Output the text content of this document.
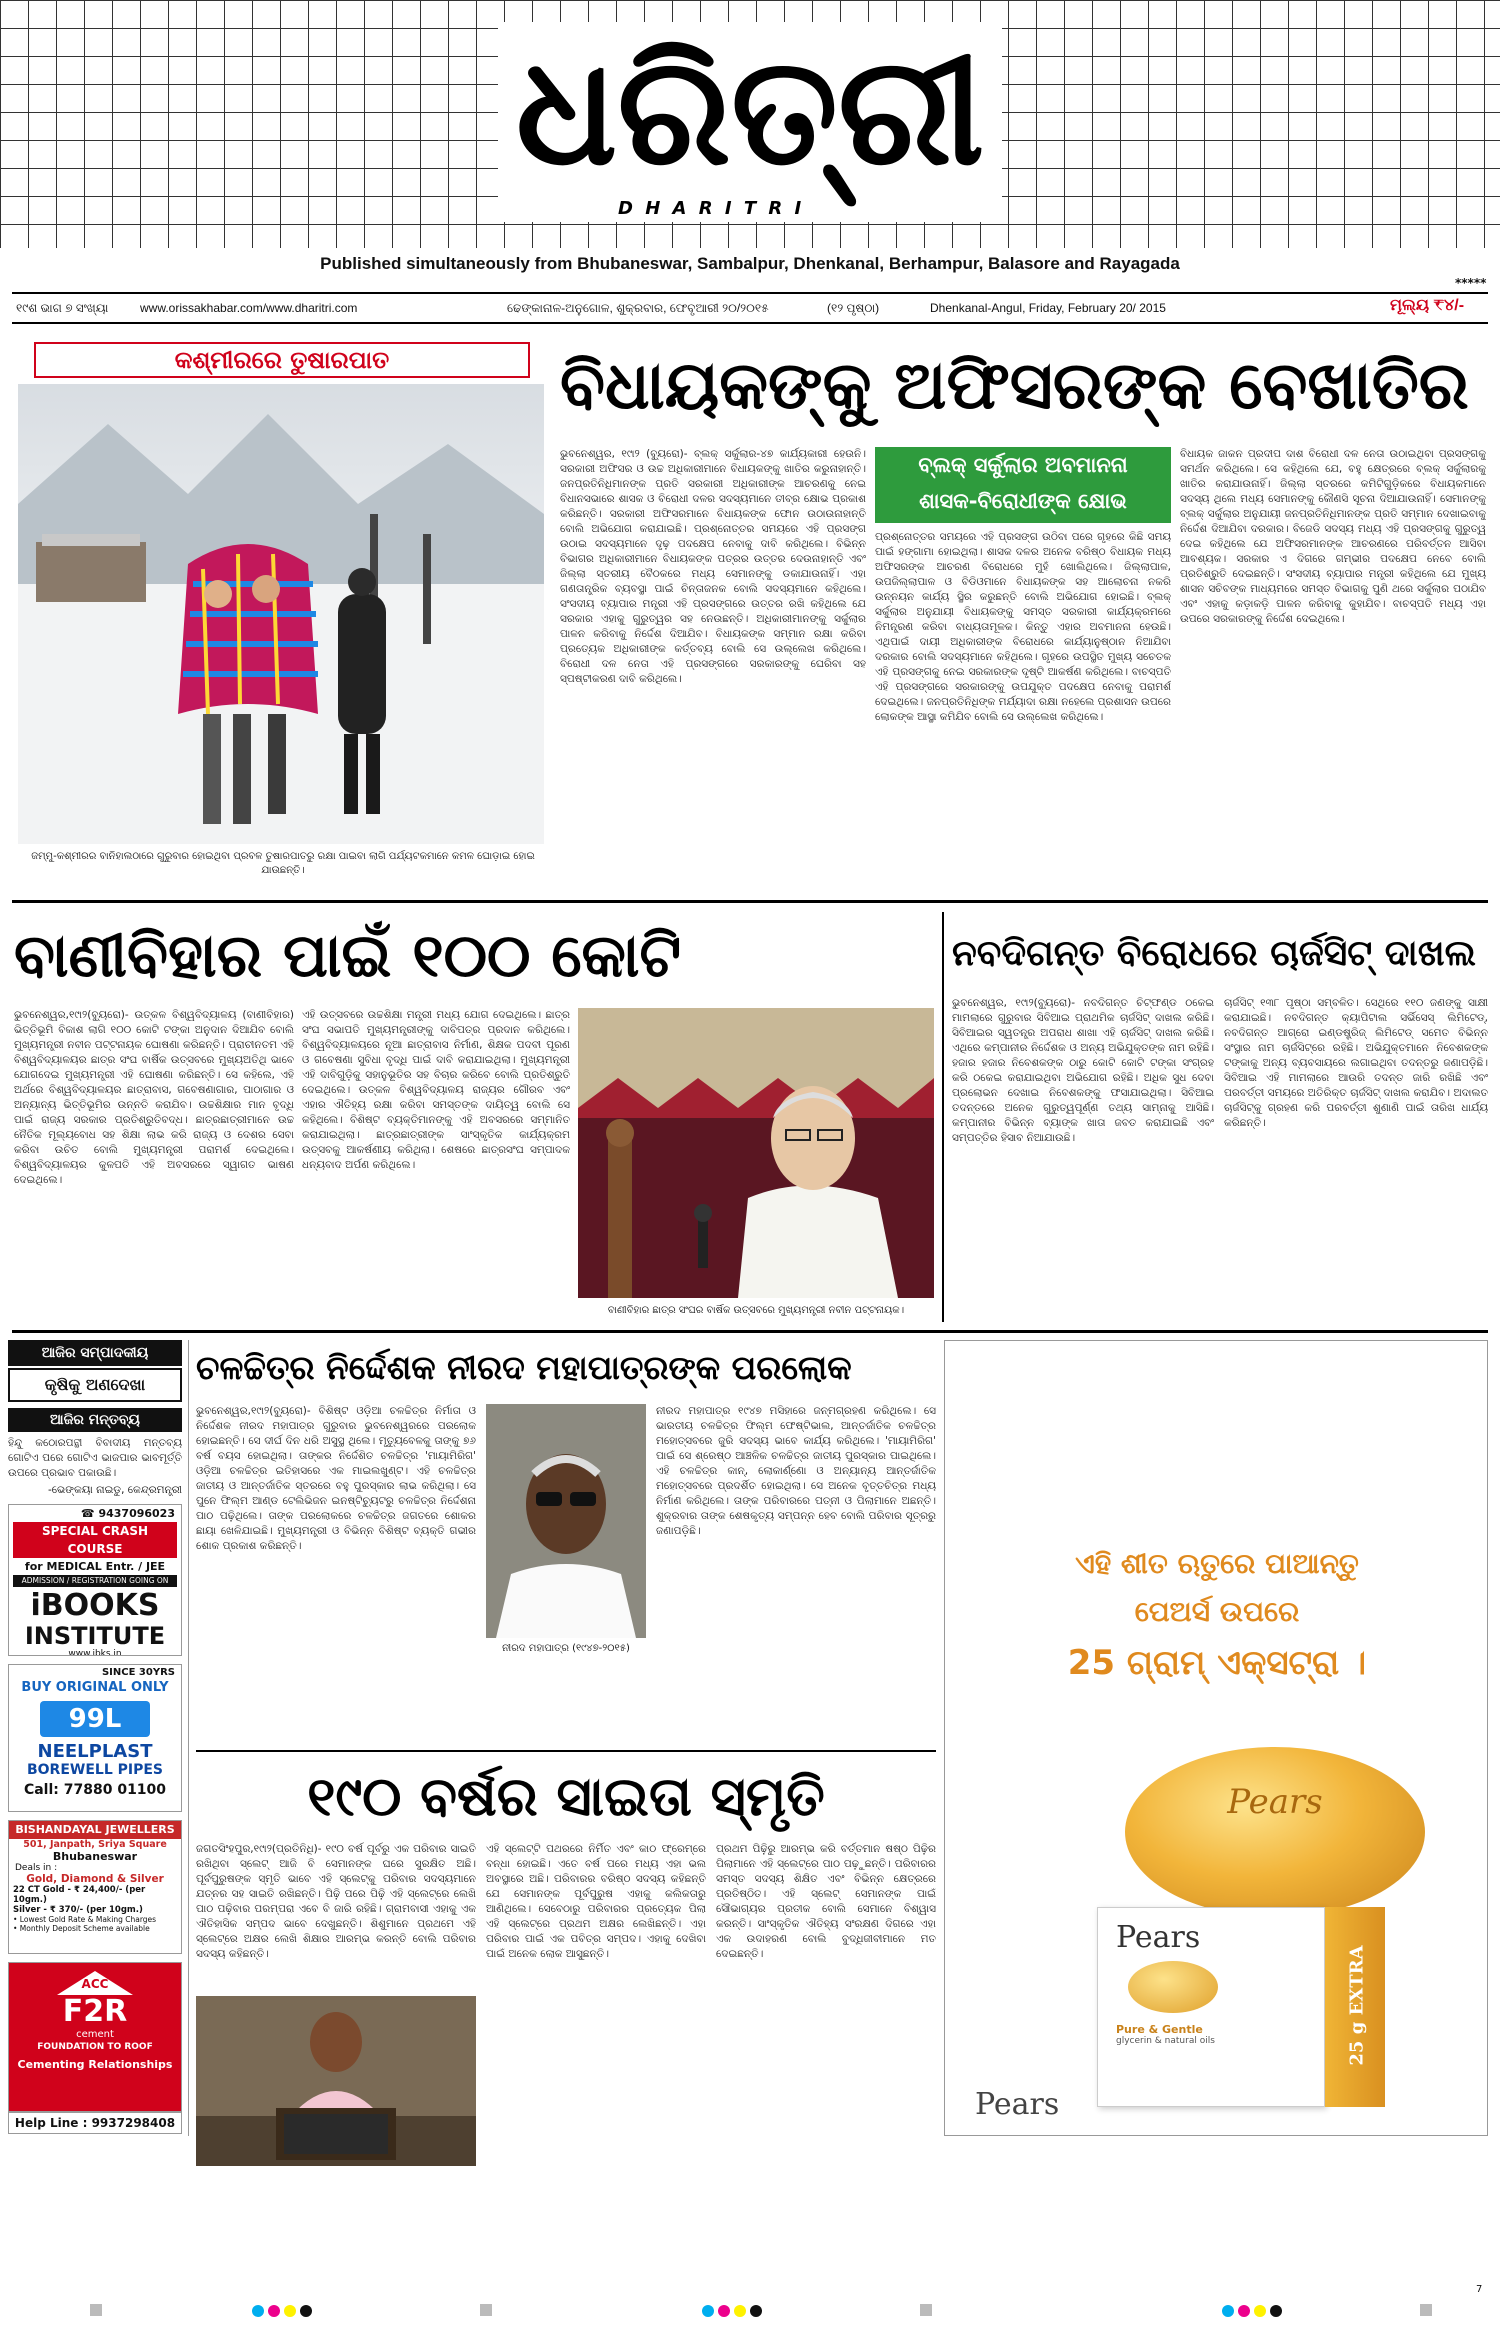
ଧରିତ୍ରୀ
D H A R I T R I
Published simultaneously from Bhubaneswar, Sambalpur, Dhenkanal, Berhampur, Balasore and Rayagada
*****
୧୯ଶ ଭାଗ ୭ ସଂଖ୍ୟା	www.orissakhabar.com/www.dharitri.com	ଢେଙ୍କାନାଳ-ଅନୁଗୋଳ, ଶୁକ୍ରବାର, ଫେବୃଆରୀ ୨୦/୨୦୧୫	(୧୨ ପୃଷ୍ଠା)	Dhenkanal-Angul, Friday, February 20/ 2015	ମୂଲ୍ୟ ₹୪/-
କଶ୍ମୀରରେ ତୁଷାରପାତ
ଜମ୍ମୁ-କଶ୍ମୀରର ବାନିହାଲଠାରେ ଗୁରୁବାର ହୋଇଥିବା ପ୍ରବଳ ତୁଷାରପାତରୁ ରକ୍ଷା ପାଇବା ଲାଗି ପର୍ଯ୍ୟଟକମାନେ କମଳ ଘୋଡ଼ାଇ ହୋଇ ଯାଉଛନ୍ତି।
ବିଧାୟକଙ୍କୁ ଅଫିସରଙ୍କ ବେଖାତିର
ଭୁବନେଶ୍ୱର, ୧୯ା୨ (ବ୍ୟୁରୋ)- ବ୍ଲକ୍ ସର୍କୁଲାର-୪୭ କାର୍ଯ୍ୟକାରୀ ହେଉନି। ସରକାରୀ ଅଫିସର ଓ ଉଚ୍ଚ ଅଧିକାରୀମାନେ ବିଧାୟକଙ୍କୁ ଖାତିର କରୁନାହାନ୍ତି। ଜନପ୍ରତିନିଧିମାନଙ୍କ ପ୍ରତି ସରକାରୀ ଅଧିକାରୀଙ୍କ ଆଚରଣକୁ ନେଇ ବିଧାନସଭାରେ ଶାସକ ଓ ବିରୋଧୀ ଦଳର ସଦସ୍ୟମାନେ ତୀବ୍ର କ୍ଷୋଭ ପ୍ରକାଶ କରିଛନ୍ତି। ସରକାରୀ ଅଫିସରମାନେ ବିଧାୟକଙ୍କ ଫୋନ ଉଠାଉନାହାନ୍ତି ବୋଲି ଅଭିଯୋଗ କରାଯାଇଛି। ପ୍ରଶ୍ନୋତ୍ତର ସମୟରେ ଏହି ପ୍ରସଙ୍ଗ ଉଠାଇ ସଦସ୍ୟମାନେ ଦୃଢ଼ ପଦକ୍ଷେପ ନେବାକୁ ଦାବି କରିଥିଲେ। ବିଭିନ୍ନ ବିଭାଗର ଅଧିକାରୀମାନେ ବିଧାୟକଙ୍କ ପତ୍ରର ଉତ୍ତର ଦେଉନାହାନ୍ତି ଏବଂ ଜିଲ୍ଲା ସ୍ତରୀୟ ବୈଠକରେ ମଧ୍ୟ ସେମାନଙ୍କୁ ଡକାଯାଉନାହିଁ। ଏହା ଗଣତାନ୍ତ୍ରିକ ବ୍ୟବସ୍ଥା ପାଇଁ ଚିନ୍ତାଜନକ ବୋଲି ସଦସ୍ୟମାନେ କହିଥିଲେ। ସଂସଦୀୟ ବ୍ୟାପାର ମନ୍ତ୍ରୀ ଏହି ପ୍ରସଙ୍ଗରେ ଉତ୍ତର ରଖି କହିଥିଲେ ଯେ ସରକାର ଏହାକୁ ଗୁରୁତ୍ୱର ସହ ନେଉଛନ୍ତି। ଅଧିକାରୀମାନଙ୍କୁ ସର୍କୁଲାର ପାଳନ କରିବାକୁ ନିର୍ଦ୍ଦେଶ ଦିଆଯିବ। ବିଧାୟକଙ୍କ ସମ୍ମାନ ରକ୍ଷା କରିବା ପ୍ରତ୍ୟେକ ଅଧିକାରୀଙ୍କ କର୍ତ୍ତବ୍ୟ ବୋଲି ସେ ଉଲ୍ଲେଖ କରିଥିଲେ। ବିରୋଧୀ ଦଳ ନେତା ଏହି ପ୍ରସଙ୍ଗରେ ସରକାରଙ୍କୁ ଘେରିବା ସହ ସ୍ପଷ୍ଟୀକରଣ ଦାବି କରିଥିଲେ।
ବ୍ଲକ୍ ସର୍କୁଲାର ଅବମାନନା
ଶାସକ-ବିରୋଧୀଙ୍କ କ୍ଷୋଭ
ପ୍ରଶ୍ନୋତ୍ତର ସମୟରେ ଏହି ପ୍ରସଙ୍ଗ ଉଠିବା ପରେ ଗୃହରେ କିଛି ସମୟ ପାଇଁ ହଙ୍ଗାମା ହୋଇଥିଲା। ଶାସକ ଦଳର ଅନେକ ବରିଷ୍ଠ ବିଧାୟକ ମଧ୍ୟ ଅଫିସରଙ୍କ ଆଚରଣ ବିରୋଧରେ ମୁହଁ ଖୋଲିଥିଲେ। ଜିଲ୍ଲାପାଳ, ଉପଜିଲ୍ଲାପାଳ ଓ ବିଡିଓମାନେ ବିଧାୟକଙ୍କ ସହ ଆଲୋଚନା ନକରି ଉନ୍ନୟନ କାର୍ଯ୍ୟ ସ୍ଥିର କରୁଛନ୍ତି ବୋଲି ଅଭିଯୋଗ ହୋଇଛି। ବ୍ଲକ୍ ସର୍କୁଲାର ଅନୁଯାୟୀ ବିଧାୟକଙ୍କୁ ସମସ୍ତ ସରକାରୀ କାର୍ଯ୍ୟକ୍ରମରେ ନିମନ୍ତ୍ରଣ କରିବା ବାଧ୍ୟତାମୂଳକ। କିନ୍ତୁ ଏହାର ଅବମାନନା ହେଉଛି। ଏଥିପାଇଁ ଦାୟୀ ଅଧିକାରୀଙ୍କ ବିରୋଧରେ କାର୍ଯ୍ୟାନୁଷ୍ଠାନ ନିଆଯିବା ଦରକାର ବୋଲି ସଦସ୍ୟମାନେ କହିଥିଲେ। ଗୃହରେ ଉପସ୍ଥିତ ମୁଖ୍ୟ ସଚେତକ ଏହି ପ୍ରସଙ୍ଗକୁ ନେଇ ସରକାରଙ୍କ ଦୃଷ୍ଟି ଆକର୍ଷଣ କରିଥିଲେ। ବାଚସ୍ପତି ଏହି ପ୍ରସଙ୍ଗରେ ସରକାରଙ୍କୁ ଉପଯୁକ୍ତ ପଦକ୍ଷେପ ନେବାକୁ ପରାମର୍ଶ ଦେଇଥିଲେ। ଜନପ୍ରତିନିଧିଙ୍କ ମର୍ଯ୍ୟାଦା ରକ୍ଷା ନହେଲେ ପ୍ରଶାସନ ଉପରେ ଲୋକଙ୍କ ଆସ୍ଥା କମିଯିବ ବୋଲି ସେ ଉଲ୍ଲେଖ କରିଥିଲେ।
ବିଧାୟକ ଜାକନ ପ୍ରଦୀପ ଦାଶ ବିରୋଧୀ ଦଳ ନେତା ଉଠାଇଥିବା ପ୍ରସଙ୍ଗକୁ ସମର୍ଥନ କରିଥିଲେ। ସେ କହିଥିଲେ ଯେ, ବହୁ କ୍ଷେତ୍ରରେ ବ୍ଲକ୍ ସର୍କୁଲାରକୁ ଖାତିର କରାଯାଉନାହିଁ। ଜିଲ୍ଲା ସ୍ତରରେ କମିଟିଗୁଡ଼ିକରେ ବିଧାୟକମାନେ ସଦସ୍ୟ ଥିଲେ ମଧ୍ୟ ସେମାନଙ୍କୁ କୌଣସି ସୂଚନା ଦିଆଯାଉନାହିଁ। ସେମାନଙ୍କୁ ବ୍ଲକ୍ ସର୍କୁଲାର ଅନୁଯାୟୀ ଜନପ୍ରତିନିଧିମାନଙ୍କ ପ୍ରତି ସମ୍ମାନ ଦେଖାଇବାକୁ ନିର୍ଦ୍ଦେଶ ଦିଆଯିବା ଦରକାର। ବିଜେଡି ସଦସ୍ୟ ମଧ୍ୟ ଏହି ପ୍ରସଙ୍ଗକୁ ଗୁରୁତ୍ୱ ଦେଇ କହିଥିଲେ ଯେ ଅଫିସରମାନଙ୍କ ଆଚରଣରେ ପରିବର୍ତ୍ତନ ଆସିବା ଆବଶ୍ୟକ। ସରକାର ଏ ଦିଗରେ ଗମ୍ଭୀର ପଦକ୍ଷେପ ନେବେ ବୋଲି ପ୍ରତିଶ୍ରୁତି ଦେଇଛନ୍ତି। ସଂସଦୀୟ ବ୍ୟାପାର ମନ୍ତ୍ରୀ କହିଥିଲେ ଯେ ମୁଖ୍ୟ ଶାସନ ସଚିବଙ୍କ ମାଧ୍ୟମରେ ସମସ୍ତ ବିଭାଗକୁ ପୁଣି ଥରେ ସର୍କୁଲାର ପଠାଯିବ ଏବଂ ଏହାକୁ କଡ଼ାକଡ଼ି ପାଳନ କରିବାକୁ କୁହାଯିବ। ବାଚସ୍ପତି ମଧ୍ୟ ଏହା ଉପରେ ସରକାରଙ୍କୁ ନିର୍ଦ୍ଦେଶ ଦେଇଥିଲେ।
ବାଣୀବିହାର ପାଇଁ ୧୦୦ କୋଟି
ଭୁବନେଶ୍ୱର,୧୯ା୨(ବ୍ୟୁରୋ)- ଉତ୍କଳ ବିଶ୍ୱବିଦ୍ୟାଳୟ (ବାଣୀବିହାର) ଭିତ୍ତିଭୂମି ବିକାଶ ଲାଗି ୧୦୦ କୋଟି ଟଙ୍କା ଅନୁଦାନ ଦିଆଯିବ ବୋଲି ମୁଖ୍ୟମନ୍ତ୍ରୀ ନବୀନ ପଟ୍ଟନାୟକ ଘୋଷଣା କରିଛନ୍ତି। ପ୍ରାଚୀନତମ ଏହି ବିଶ୍ୱବିଦ୍ୟାଳୟର ଛାତ୍ର ସଂଘ ବାର୍ଷିକ ଉତ୍ସବରେ ମୁଖ୍ୟଅତିଥି ଭାବେ ଯୋଗଦେଇ ମୁଖ୍ୟମନ୍ତ୍ରୀ ଏହି ଘୋଷଣା କରିଛନ୍ତି। ସେ କହିଲେ, ଏହି ଅର୍ଥରେ ବିଶ୍ୱବିଦ୍ୟାଳୟର ଛାତ୍ରାବାସ, ଗବେଷଣାଗାର, ପାଠାଗାର ଓ ଅନ୍ୟାନ୍ୟ ଭିତ୍ତିଭୂମିର ଉନ୍ନତି କରାଯିବ। ଉଚ୍ଚଶିକ୍ଷାର ମାନ ବୃଦ୍ଧି ପାଇଁ ରାଜ୍ୟ ସରକାର ପ୍ରତିଶ୍ରୁତିବଦ୍ଧ। ଛାତ୍ରଛାତ୍ରୀମାନେ ଉଚ୍ଚ ନୈତିକ ମୂଲ୍ୟବୋଧ ସହ ଶିକ୍ଷା ଲାଭ କରି ରାଜ୍ୟ ଓ ଦେଶର ସେବା କରିବା ଉଚିତ ବୋଲି ମୁଖ୍ୟମନ୍ତ୍ରୀ ପରାମର୍ଶ ଦେଇଥିଲେ। ବିଶ୍ୱବିଦ୍ୟାଳୟର କୁଳପତି ଏହି ଅବସରରେ ସ୍ୱାଗତ ଭାଷଣ ଦେଇଥିଲେ।
ଏହି ଉତ୍ସବରେ ଉଚ୍ଚଶିକ୍ଷା ମନ୍ତ୍ରୀ ମଧ୍ୟ ଯୋଗ ଦେଇଥିଲେ। ଛାତ୍ର ସଂଘ ସଭାପତି ମୁଖ୍ୟମନ୍ତ୍ରୀଙ୍କୁ ଦାବିପତ୍ର ପ୍ରଦାନ କରିଥିଲେ। ବିଶ୍ୱବିଦ୍ୟାଳୟରେ ନୂଆ ଛାତ୍ରାବାସ ନିର୍ମାଣ, ଶିକ୍ଷକ ପଦବୀ ପୂରଣ ଓ ଗବେଷଣା ସୁବିଧା ବୃଦ୍ଧି ପାଇଁ ଦାବି କରାଯାଇଥିଲା। ମୁଖ୍ୟମନ୍ତ୍ରୀ ଏହି ଦାବିଗୁଡ଼ିକୁ ସହାନୁଭୂତିର ସହ ବିଚାର କରିବେ ବୋଲି ପ୍ରତିଶ୍ରୁତି ଦେଇଥିଲେ। ଉତ୍କଳ ବିଶ୍ୱବିଦ୍ୟାଳୟ ରାଜ୍ୟର ଗୌରବ ଏବଂ ଏହାର ଐତିହ୍ୟ ରକ୍ଷା କରିବା ସମସ୍ତଙ୍କ ଦାୟିତ୍ୱ ବୋଲି ସେ କହିଥିଲେ। ବିଶିଷ୍ଟ ବ୍ୟକ୍ତିମାନଙ୍କୁ ଏହି ଅବସରରେ ସମ୍ମାନିତ କରାଯାଇଥିଲା। ଛାତ୍ରଛାତ୍ରୀଙ୍କ ସାଂସ୍କୃତିକ କାର୍ଯ୍ୟକ୍ରମ ଉତ୍ସବକୁ ଆକର୍ଷଣୀୟ କରିଥିଲା। ଶେଷରେ ଛାତ୍ରସଂଘ ସମ୍ପାଦକ ଧନ୍ୟବାଦ ଅର୍ପଣ କରିଥିଲେ।
ବାଣୀବିହାର ଛାତ୍ର ସଂଘର ବାର୍ଷିକ ଉତ୍ସବରେ ମୁଖ୍ୟମନ୍ତ୍ରୀ ନବୀନ ପଟ୍ଟନାୟକ।
ନବଦିଗନ୍ତ ବିରୋଧରେ ଚାର୍ଜସିଟ୍ ଦାଖଲ
ଭୁବନେଶ୍ୱର, ୧୯ା୨(ବ୍ୟୁରୋ)- ନବଦିଗନ୍ତ ଚିଟ୍‌ଫଣ୍ଡ ଠକେଇ ମାମଲାରେ ଗୁରୁବାର ସିବିଆଇ ପ୍ରାଥମିକ ଚାର୍ଜସିଟ୍ ଦାଖଲ କରିଛି। ସିବିଆଇର ସ୍ୱତନ୍ତ୍ର ଅପରାଧ ଶାଖା ଏହି ଚାର୍ଜସିଟ୍ ଦାଖଲ କରିଛି। ଏଥିରେ କମ୍ପାନୀର ନିର୍ଦ୍ଦେଶକ ଓ ଅନ୍ୟ ଅଭିଯୁକ୍ତଙ୍କ ନାମ ରହିଛି। ହଜାର ହଜାର ନିବେଶକଙ୍କ ଠାରୁ କୋଟି କୋଟି ଟଙ୍କା ସଂଗ୍ରହ କରି ଠକେଇ କରାଯାଇଥିବା ଅଭିଯୋଗ ରହିଛି। ଅଧିକ ସୁଧ ଦେବା ପ୍ରଲୋଭନ ଦେଖାଇ ନିବେଶକଙ୍କୁ ଫସାଯାଇଥିଲା। ସିବିଆଇ ତଦନ୍ତରେ ଅନେକ ଗୁରୁତ୍ୱପୂର୍ଣ୍ଣ ତଥ୍ୟ ସାମ୍ନାକୁ ଆସିଛି। କମ୍ପାନୀର ବିଭିନ୍ନ ବ୍ୟାଙ୍କ ଖାତା ଜବତ କରାଯାଇଛି ଏବଂ ସମ୍ପତ୍ତିର ହିସାବ ନିଆଯାଉଛି।
ଚାର୍ଜସିଟ୍ ୧୩୮ ପୃଷ୍ଠା ସମ୍ବଳିତ। ସେଥିରେ ୧୧୦ ଜଣଙ୍କୁ ସାକ୍ଷୀ କରାଯାଇଛି। ନବଦିଗନ୍ତ କ୍ୟାପିଟାଲ ସର୍ଭିସେସ୍ ଲିମିଟେଡ୍, ନବଦିଗନ୍ତ ଆଗ୍ରୋ ଇଣ୍ଡଷ୍ଟ୍ରିଜ୍ ଲିମିଟେଡ୍ ସମେତ ବିଭିନ୍ନ ସଂସ୍ଥାର ନାମ ଚାର୍ଜସିଟ୍‌ରେ ରହିଛି। ଅଭିଯୁକ୍ତମାନେ ନିବେଶକଙ୍କ ଟଙ୍କାକୁ ଅନ୍ୟ ବ୍ୟବସାୟରେ ଲଗାଇଥିବା ତଦନ୍ତରୁ ଜଣାପଡ଼ିଛି। ସିବିଆଇ ଏହି ମାମଲାରେ ଆଉରି ତଦନ୍ତ ଜାରି ରଖିଛି ଏବଂ ପରବର୍ତ୍ତୀ ସମୟରେ ଅତିରିକ୍ତ ଚାର୍ଜସିଟ୍ ଦାଖଲ କରାଯିବ। ଅଦାଲତ ଚାର୍ଜସିଟ୍‌କୁ ଗ୍ରହଣ କରି ପରବର୍ତ୍ତୀ ଶୁଣାଣି ପାଇଁ ତାରିଖ ଧାର୍ଯ୍ୟ କରିଛନ୍ତି।
ଆଜିର ସମ୍ପାଦକୀୟ
କୃଷିକୁ ଅଣଦେଖା
ଆଜିର ମନ୍ତବ୍ୟ
ହିନ୍ଦୁ କଠୋରପନ୍ଥୀ ବିବାଦୀୟ ମନ୍ତବ୍ୟ ଗୋଟିଏ ପରେ ଗୋଟିଏ ଭାଜପାର ଭାବମୂର୍ତ୍ତି ଉପରେ ପ୍ରଭାବ ପକାଉଛି।
-ଭେଙ୍କୟା ନାଇଡୁ, କେନ୍ଦ୍ରମନ୍ତ୍ରୀ
☎ 9437096023
SPECIAL CRASH COURSE
for MEDICAL Entr. / JEE
ADMISSION / REGISTRATION GOING ON
iBOOKS
INSTITUTE
www.ibks.in
SINCE 30YRS
BUY ORIGINAL ONLY
99L
NEELPLAST
BOREWELL PIPES
Call: 77880 01100
BISHANDAYAL JEWELLERS
501, Janpath, Sriya Square
Bhubaneswar
Deals in :
Gold, Diamond & Silver
22 CT Gold - ₹ 24,400/- (per 10gm.)
Silver - ₹ 370/- (per 10gm.)
• Lowest Gold Rate & Making Charges
• Monthly Deposit Scheme available
ACC
F2R
cement
FOUNDATION TO ROOF
Cementing Relationships
Help Line : 9937298408
ଚଳଚ୍ଚିତ୍ର ନିର୍ଦ୍ଦେଶକ ନୀରଦ ମହାପାତ୍ରଙ୍କ ପରଲୋକ
ଭୁବନେଶ୍ୱର,୧୯ା୨(ବ୍ୟୁରୋ)- ବିଶିଷ୍ଟ ଓଡ଼ିଆ ଚଳଚ୍ଚିତ୍ର ନିର୍ମାତା ଓ ନିର୍ଦ୍ଦେଶକ ନୀରଦ ମହାପାତ୍ର ଗୁରୁବାର ଭୁବନେଶ୍ୱରରେ ପରଲୋକ ହୋଇଛନ୍ତି। ସେ ଦୀର୍ଘ ଦିନ ଧରି ଅସୁସ୍ଥ ଥିଲେ। ମୃତ୍ୟୁବେଳକୁ ତାଙ୍କୁ ୭୬ ବର୍ଷ ବୟସ ହୋଇଥିଲା। ତାଙ୍କର ନିର୍ଦ୍ଦେଶିତ ଚଳଚ୍ଚିତ୍ର 'ମାୟାମିରିଗ' ଓଡ଼ିଆ ଚଳଚ୍ଚିତ୍ର ଇତିହାସରେ ଏକ ମାଇଲଖୁଣ୍ଟ। ଏହି ଚଳଚ୍ଚିତ୍ର ଜାତୀୟ ଓ ଆନ୍ତର୍ଜାତିକ ସ୍ତରରେ ବହୁ ପୁରସ୍କାର ଲାଭ କରିଥିଲା। ସେ ପୁନେ ଫିଲ୍ମ ଆଣ୍ଡ ଟେଲିଭିଜନ ଇନଷ୍ଟିଚ୍ୟୁଟରୁ ଚଳଚ୍ଚିତ୍ର ନିର୍ଦ୍ଦେଶନା ପାଠ ପଢ଼ିଥିଲେ। ତାଙ୍କ ପରଲୋକରେ ଚଳଚ୍ଚିତ୍ର ଜଗତରେ ଶୋକର ଛାୟା ଖେଳିଯାଇଛି। ମୁଖ୍ୟମନ୍ତ୍ରୀ ଓ ବିଭିନ୍ନ ବିଶିଷ୍ଟ ବ୍ୟକ୍ତି ଗଭୀର ଶୋକ ପ୍ରକାଶ କରିଛନ୍ତି।
ନୀରଦ ମହାପାତ୍ର (୧୯୪୭-୨୦୧୫)
ନୀରଦ ମହାପାତ୍ର ୧୯୪୭ ମସିହାରେ ଜନ୍ମଗ୍ରହଣ କରିଥିଲେ। ସେ ଭାରତୀୟ ଚଳଚ୍ଚିତ୍ର ଫିଲ୍ମ ଫେଷ୍ଟିଭାଲ, ଆନ୍ତର୍ଜାତିକ ଚଳଚ୍ଚିତ୍ର ମହୋତ୍ସବରେ ଜୁରି ସଦସ୍ୟ ଭାବେ କାର୍ଯ୍ୟ କରିଥିଲେ। 'ମାୟାମିରିଗ' ପାଇଁ ସେ ଶ୍ରେଷ୍ଠ ଆଞ୍ଚଳିକ ଚଳଚ୍ଚିତ୍ର ଜାତୀୟ ପୁରସ୍କାର ପାଇଥିଲେ। ଏହି ଚଳଚ୍ଚିତ୍ର କାନ୍, ଲୋକାର୍ଣ୍ଣୋ ଓ ଅନ୍ୟାନ୍ୟ ଆନ୍ତର୍ଜାତିକ ମହୋତ୍ସବରେ ପ୍ରଦର୍ଶିତ ହୋଇଥିଲା। ସେ ଅନେକ ବୃତ୍ତଚିତ୍ର ମଧ୍ୟ ନିର୍ମାଣ କରିଥିଲେ। ତାଙ୍କ ପରିବାରରେ ପତ୍ନୀ ଓ ପିଲାମାନେ ଅଛନ୍ତି। ଶୁକ୍ରବାର ତାଙ୍କ ଶେଷକୃତ୍ୟ ସମ୍ପନ୍ନ ହେବ ବୋଲି ପରିବାର ସୂତ୍ରରୁ ଜଣାପଡ଼ିଛି।
୧୯୦ ବର୍ଷର ସାଇତା ସ୍ମୃତି
ଜଗତସିଂହପୁର,୧୯ା୨(ପ୍ରତିନିଧି)- ୧୯୦ ବର୍ଷ ପୂର୍ବରୁ ଏକ ପରିବାର ସାଇତି ରଖିଥିବା ସ୍ଲେଟ୍ ଆଜି ବି ସେମାନଙ୍କ ଘରେ ସୁରକ୍ଷିତ ଅଛି। ପୂର୍ବପୁରୁଷଙ୍କ ସ୍ମୃତି ଭାବେ ଏହି ସ୍ଲେଟ୍‌କୁ ପରିବାର ସଦସ୍ୟମାନେ ଯତ୍ନର ସହ ସାଇତି ରଖିଛନ୍ତି। ପିଢ଼ି ପରେ ପିଢ଼ି ଏହି ସ୍ଲେଟ୍‌ରେ ଲେଖି ପାଠ ପଢ଼ିବାର ପରମ୍ପରା ଏବେ ବି ଜାରି ରହିଛି। ଗ୍ରାମବାସୀ ଏହାକୁ ଏକ ଐତିହାସିକ ସମ୍ପଦ ଭାବେ ଦେଖୁଛନ୍ତି। ଶିଶୁମାନେ ପ୍ରଥମେ ଏହି ସ୍ଲେଟ୍‌ରେ ଅକ୍ଷର ଲେଖି ଶିକ୍ଷାର ଆରମ୍ଭ କରନ୍ତି ବୋଲି ପରିବାର ସଦସ୍ୟ କହିଛନ୍ତି।
ଏହି ସ୍ଲେଟ୍‌ଟି ପଥରରେ ନିର୍ମିତ ଏବଂ କାଠ ଫ୍ରେମ୍‌ରେ ବନ୍ଧା ହୋଇଛି। ଏତେ ବର୍ଷ ପରେ ମଧ୍ୟ ଏହା ଭଲ ଅବସ୍ଥାରେ ଅଛି। ପରିବାରର ବରିଷ୍ଠ ସଦସ୍ୟ କହିଛନ୍ତି ଯେ ସେମାନଙ୍କ ପୂର୍ବପୁରୁଷ ଏହାକୁ କଲିକତାରୁ ଆଣିଥିଲେ। ସେବେଠାରୁ ପରିବାରର ପ୍ରତ୍ୟେକ ପିଲା ଏହି ସ୍ଲେଟ୍‌ରେ ପ୍ରଥମ ଅକ୍ଷର ଲେଖିଛନ୍ତି। ଏହା ପରିବାର ପାଇଁ ଏକ ପବିତ୍ର ସମ୍ପଦ। ଏହାକୁ ଦେଖିବା ପାଇଁ ଅନେକ ଲୋକ ଆସୁଛନ୍ତି।
ପ୍ରଥମ ପିଢ଼ିରୁ ଆରମ୍ଭ କରି ବର୍ତ୍ତମାନ ଷଷ୍ଠ ପିଢ଼ିର ପିଲାମାନେ ଏହି ସ୍ଲେଟ୍‌ରେ ପାଠ ପଢ଼ୁଛନ୍ତି। ପରିବାରର ସମସ୍ତ ସଦସ୍ୟ ଶିକ୍ଷିତ ଏବଂ ବିଭିନ୍ନ କ୍ଷେତ୍ରରେ ପ୍ରତିଷ୍ଠିତ। ଏହି ସ୍ଲେଟ୍ ସେମାନଙ୍କ ପାଇଁ ସୌଭାଗ୍ୟର ପ୍ରତୀକ ବୋଲି ସେମାନେ ବିଶ୍ୱାସ କରନ୍ତି। ସାଂସ୍କୃତିକ ଐତିହ୍ୟ ସଂରକ୍ଷଣ ଦିଗରେ ଏହା ଏକ ଉଦାହରଣ ବୋଲି ବୁଦ୍ଧିଜୀବୀମାନେ ମତ ଦେଇଛନ୍ତି।
ଏହି ଶୀତ ଋତୁରେ ପାଆନ୍ତୁ
ପେଅର୍ସ ଉପରେ
25 ଗ୍ରାମ୍ ଏକ୍ସଟ୍ରା ।
Pears
Pears
Pure & Gentle
glycerin & natural oils	25 g EXTRA
Pears
7
